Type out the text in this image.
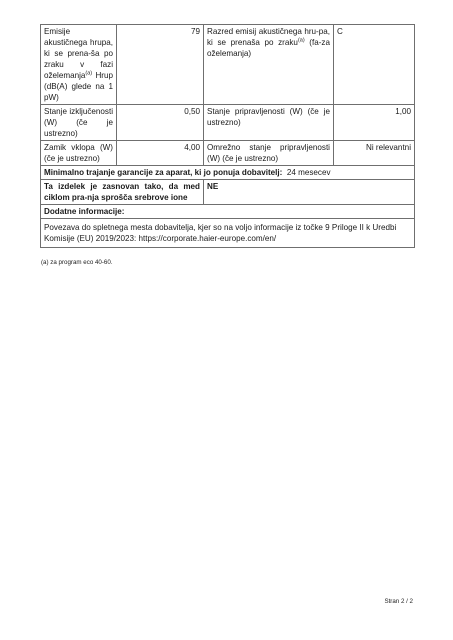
Emisije akustičnega hrupa, ki se prena-ša po zraku v fazi oželemanja$^{(a)}$ Hrup (dB(A) glede na 1 pW)	79	Razred emisij akustičnega hru-pa, ki se prenaša po zraku$^{(a)}$ (fa-za oželemanja)	C
Stanje izključenosti (W) (če je ustrezno)	0,50	Stanje pripravljenosti (W) (če je ustrezno)	1,00
Zamik vklopa (W) (če je ustrezno)	4,00	Omrežno stanje pripravljenosti (W) (če je ustrezno)	Ni relevantni
Minimalno trajanje garancije za aparat, ki jo ponuja dobavitelj: 24 mesecev			
Ta izdelek je zasnovan tako, da med ciklom pra-nja sprošča srebrove ione		NE	
Dodatne informacije:			
Povezava do spletnega mesta dobavitelja, kjer so na voljo informacije iz točke 9 Priloge II k Uredbi Komisije (EU) 2019/2023: https://corporate.haier-europe.com/en/			
(a) za program eco 40-60.
Stran 2 / 2
